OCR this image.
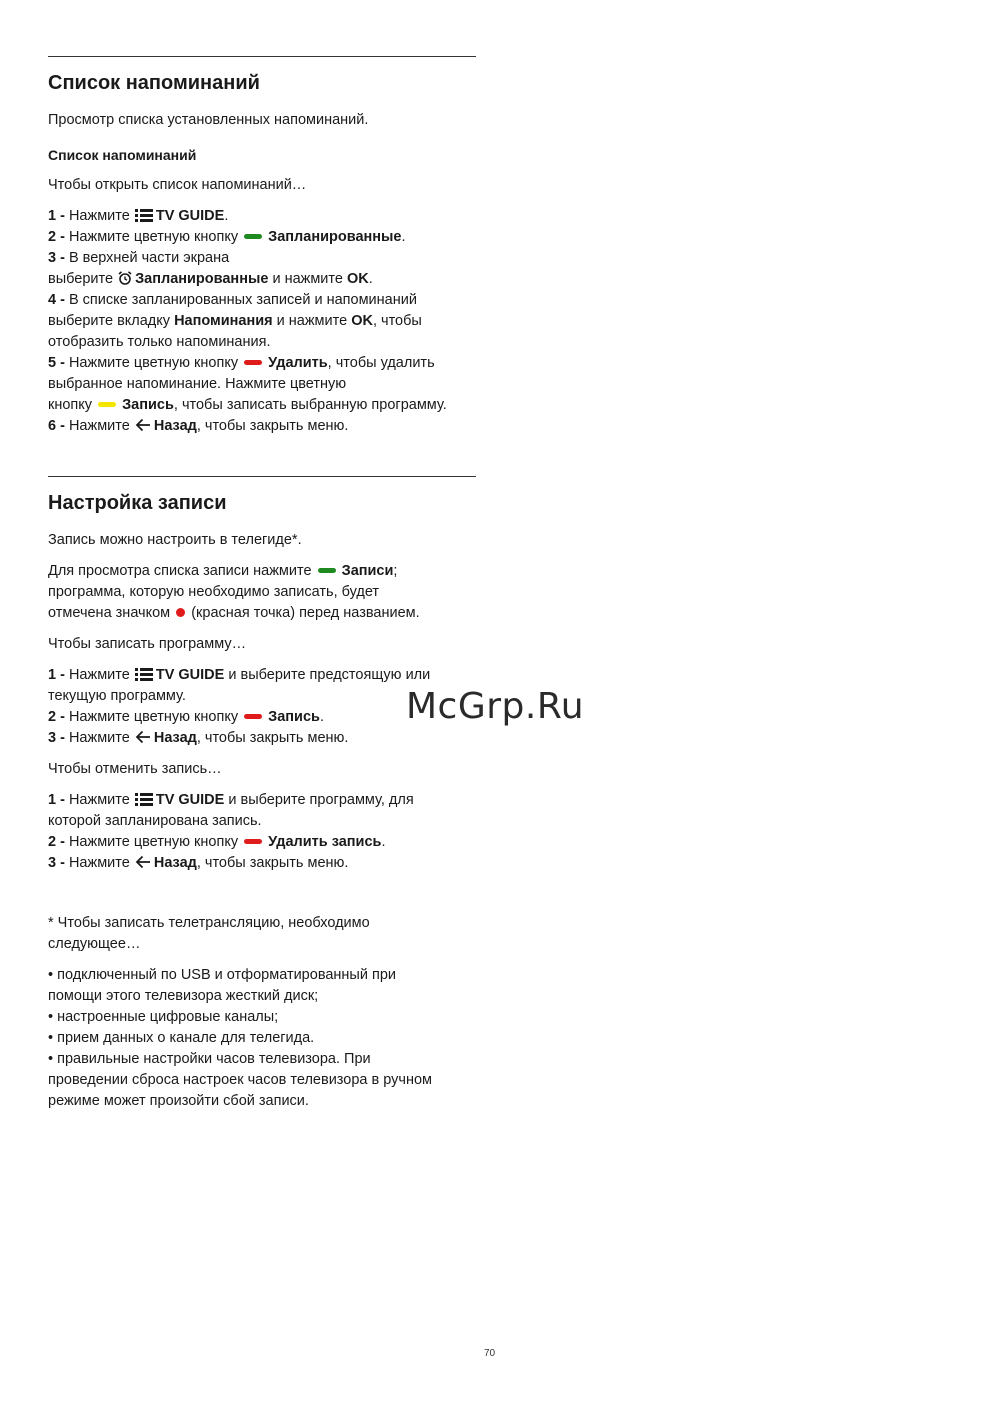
Список напоминаний

Просмотр списка установленных напоминаний.

Список напоминаний

Чтобы открыть список напоминаний…

1 - Нажмите TV GUIDE.

2 - Нажмите цветную кнопку Запланированные.

3 - В верхней части экрана
выберите Запланированные и нажмите OK.

4 - В списке запланированных записей и напоминаний
выберите вкладку Напоминания и нажмите OK, чтобы
отобразить только напоминания.

5 - Нажмите цветную кнопку Удалить, чтобы удалить
выбранное напоминание. Нажмите цветную
кнопку Запись, чтобы записать выбранную программу.

6 - Нажмите Назад, чтобы закрыть меню.

Настройка записи

Запись можно настроить в телегиде*.

Для просмотра списка записи нажмите Записи;
программа, которую необходимо записать, будет
отмечена значком (красная точка) перед названием.

Чтобы записать программу…

1 - Нажмите TV GUIDE и выберите предстоящую или
текущую программу.

2 - Нажмите цветную кнопку Запись.

3 - Нажмите Назад, чтобы закрыть меню.

Чтобы отменить запись…

1 - Нажмите TV GUIDE и выберите программу, для
которой запланирована запись.

2 - Нажмите цветную кнопку Удалить запись.

3 - Нажмите Назад, чтобы закрыть меню.

* Чтобы записать телетрансляцию, необходимо
следующее…

• подключенный по USB и отформатированный при
помощи этого телевизора жесткий диск;

• настроенные цифровые каналы;

• прием данных о канале для телегида.

• правильные настройки часов телевизора. При
проведении сброса настроек часов телевизора в ручном
режиме может произойти сбой записи.

McGrp.Ru
70
